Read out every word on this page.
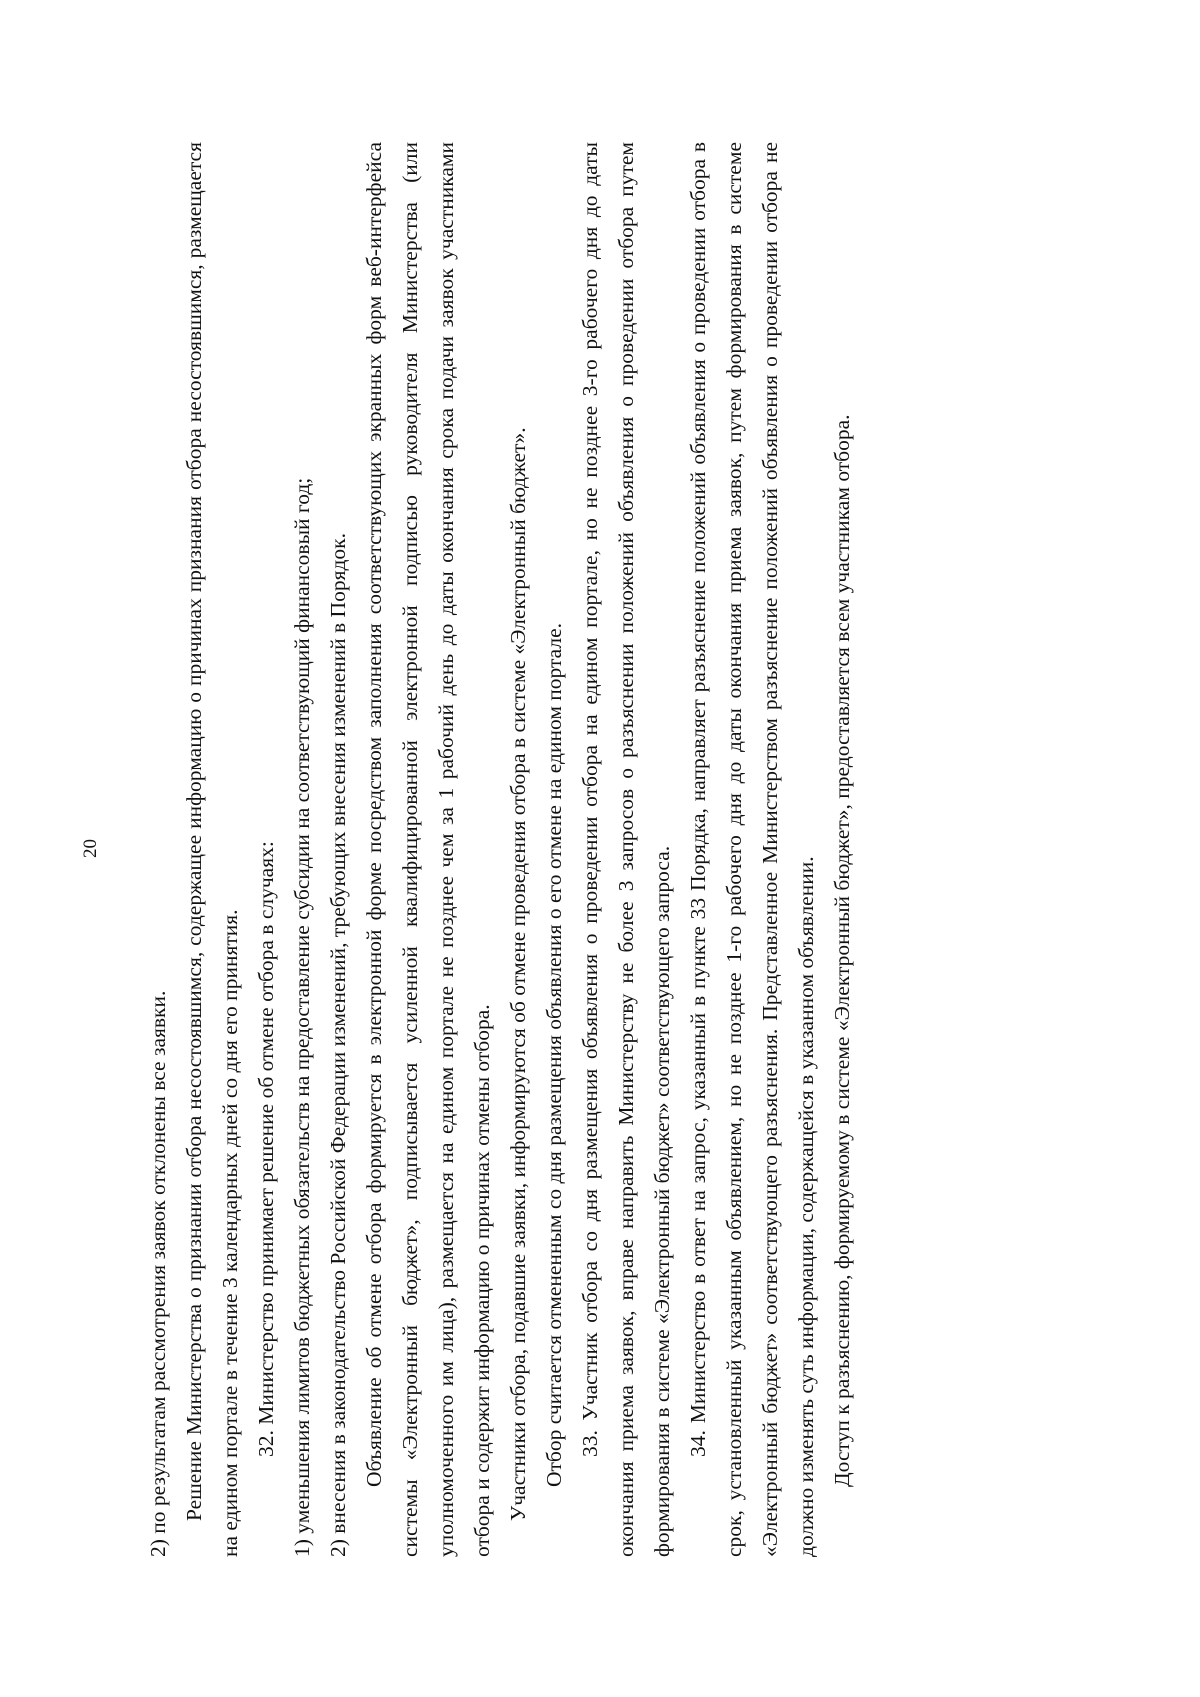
20

2) по результатам рассмотрения заявок отклонены все заявки. Решение Министерства о признании отбора несостоявшимся, содержащее информацию о причинах признания отбора несостоявшимся, размещается на едином портале в течение 3 календарных дней со дня его принятия. 32. Министерство принимает решение об отмене отбора в случаях: 1) уменьшения лимитов бюджетных обязательств на предоставление субсидии на соответствующий финансовый год; 2) внесения в законодательство Российской Федерации изменений, требующих внесения изменений в Порядок. Объявление об отмене отбора формируется в электронной форме посредством заполнения соответствующих экранных форм веб-интерфейса системы «Электронный бюджет», подписывается усиленной квалифицированной электронной подписью руководителя Министерства (или уполномоченного им лица), размещается на едином портале не позднее чем за 1 рабочий день до даты окончания срока подачи заявок участниками отбора и содержит информацию о причинах отмены отбора. Участники отбора, подавшие заявки, информируются об отмене проведения отбора в системе «Электронный бюджет». Отбор считается отмененным со дня размещения объявления о его отмене на едином портале. 33. Участник отбора со дня размещения объявления о проведении отбора на едином портале, но не позднее 3-го рабочего дня до даты окончания приема заявок, вправе направить Министерству не более 3 запросов о разъяснении положений объявления о проведении отбора путем формирования в системе «Электронный бюджет» соответствующего запроса. 34. Министерство в ответ на запрос, указанный в пункте 33 Порядка, направляет разъяснение положений объявления о проведении отбора в срок, установленный указанным объявлением, но не позднее 1-го рабочего дня до даты окончания приема заявок, путем формирования в системе «Электронный бюджет» соответствующего разъяснения. Представленное Министерством разъяснение положений объявления о проведении отбора не должно изменять суть информации, содержащейся в указанном объявлении. Доступ к разъяснению, формируемому в системе «Электронный бюджет», предоставляется всем участникам отбора.
